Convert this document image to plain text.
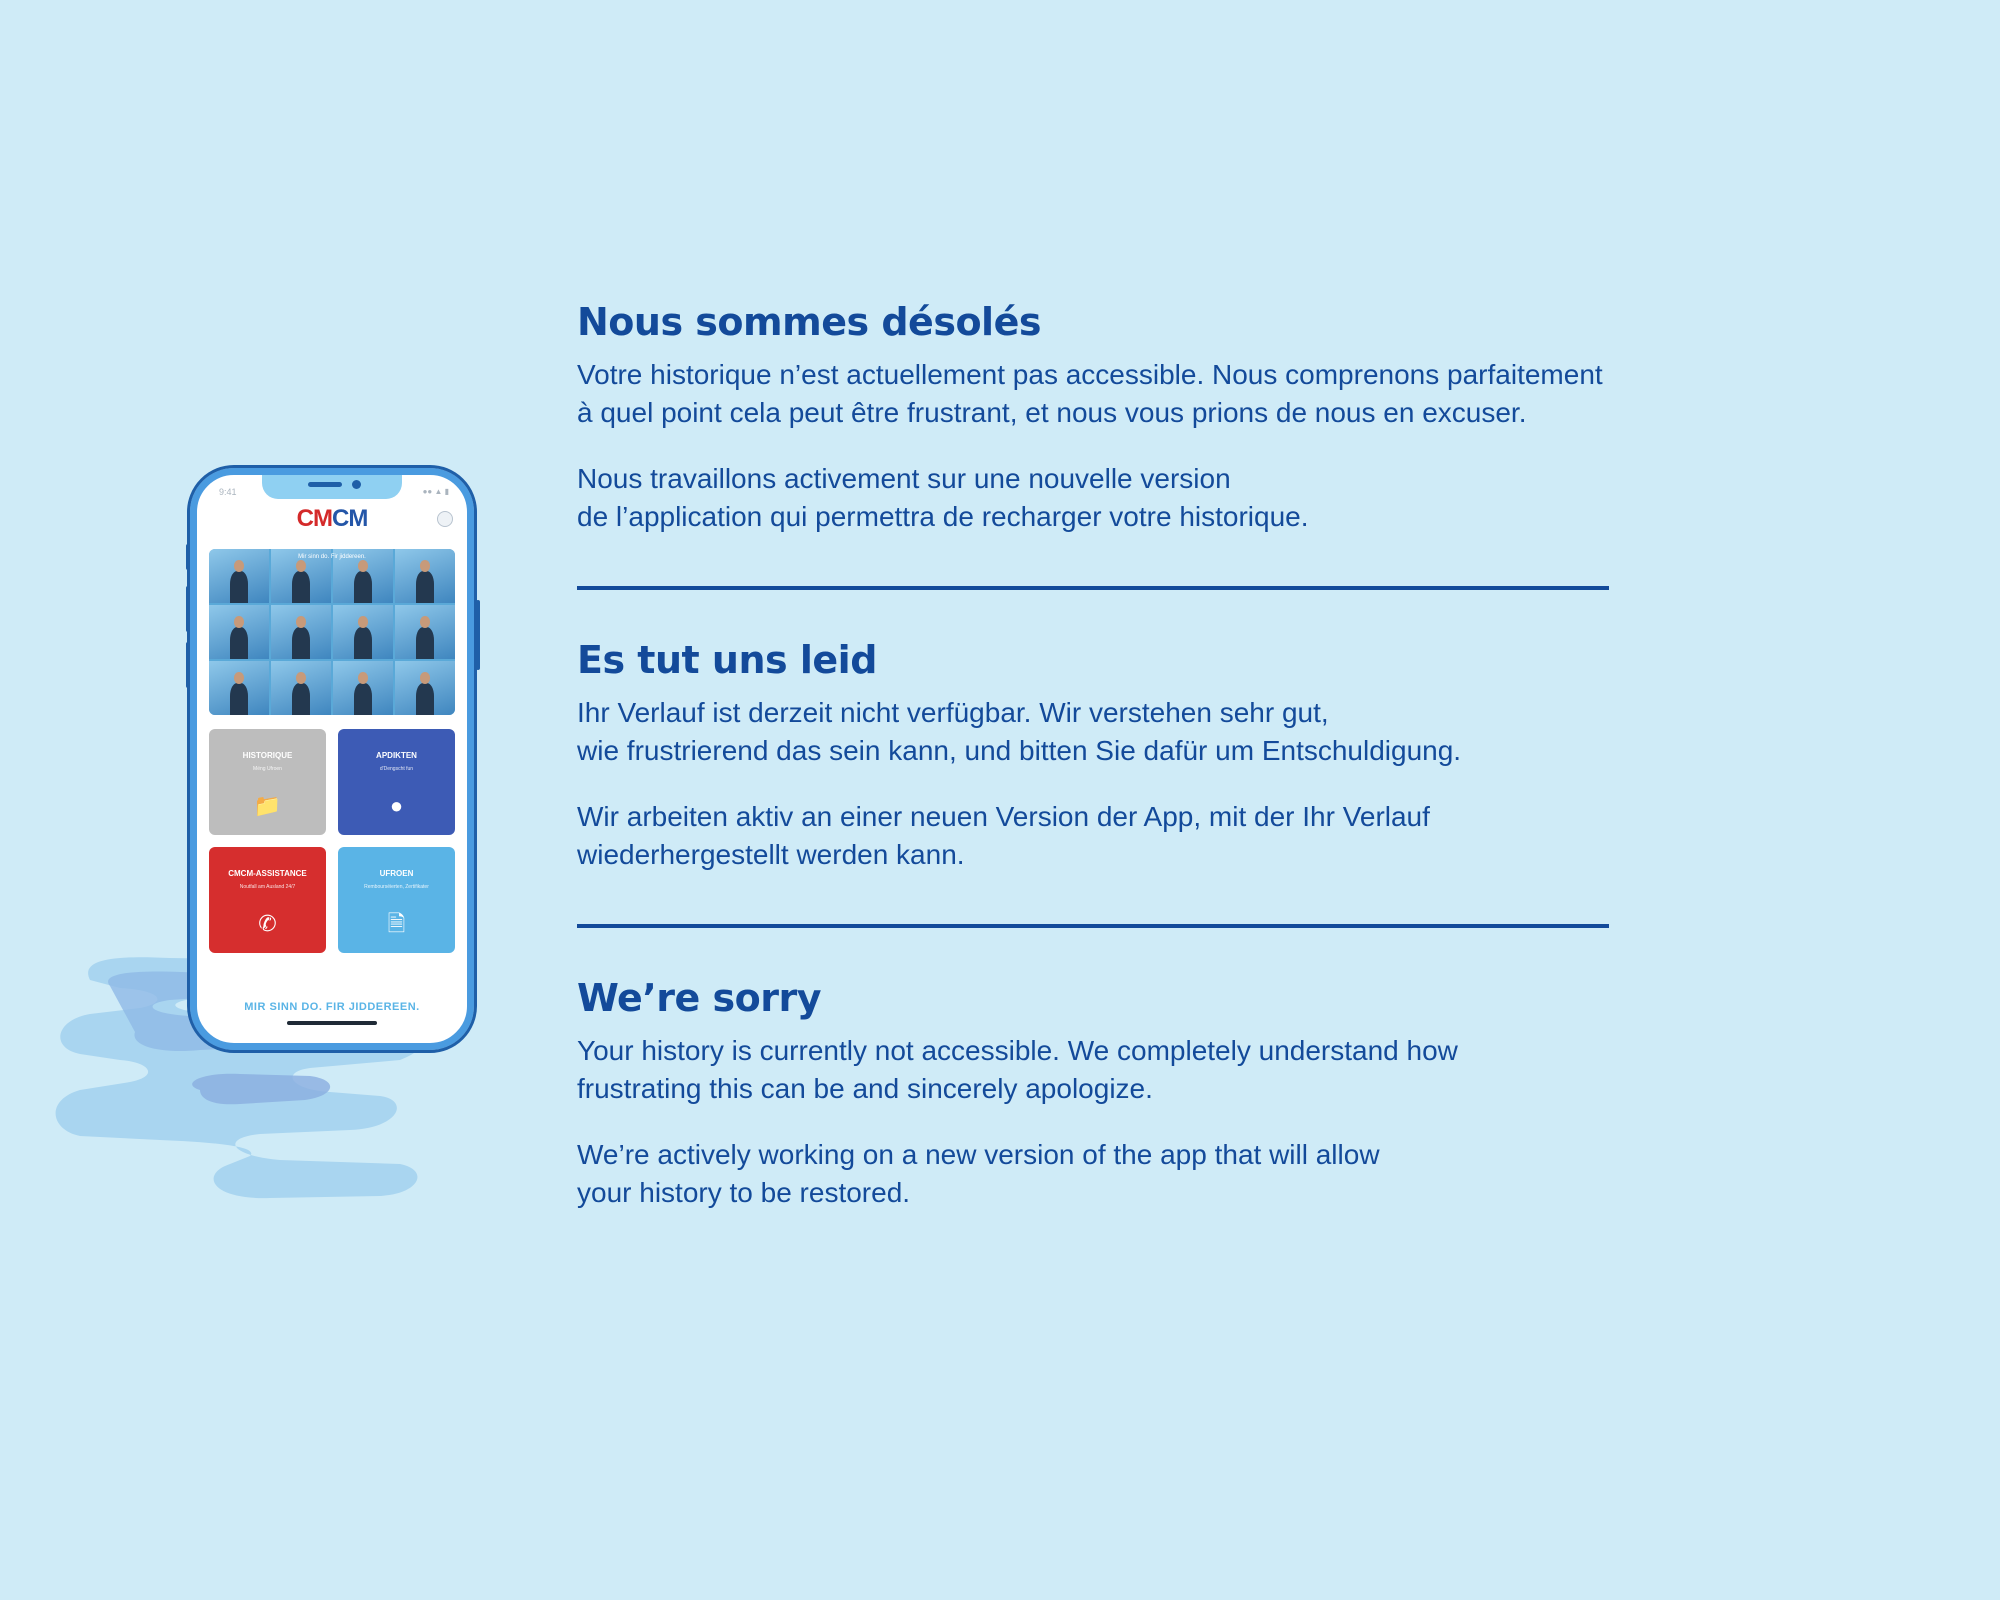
9:41	●● ▲ ▮
CMCM
Mir sinn do. Fir jiddereen.
HISTORIQUE
Mëng Ufroen
📁
APDIKTEN
d'Dengscht fun
●
CMCM-ASSISTANCE
Noutfall am Ausland 24/7
✆
UFROEN
Rembourséierten, Zertifikater
🗎
MIR SINN DO. FIR JIDDEREEN.
Nous sommes désolés

Votre historique n’est actuellement pas accessible. Nous comprenons parfaitement
à quel point cela peut être frustrant, et nous vous prions de nous en excuser.

Nous travaillons activement sur une nouvelle version
de l’application qui permettra de recharger votre historique.

Es tut uns leid

Ihr Verlauf ist derzeit nicht verfügbar. Wir verstehen sehr gut,
wie frustrierend das sein kann, und bitten Sie dafür um Entschuldigung.

Wir arbeiten aktiv an einer neuen Version der App, mit der Ihr Verlauf
wiederhergestellt werden kann.

We’re sorry

Your history is currently not accessible. We completely understand how
frustrating this can be and sincerely apologize.

We’re actively working on a new version of the app that will allow
your history to be restored.
